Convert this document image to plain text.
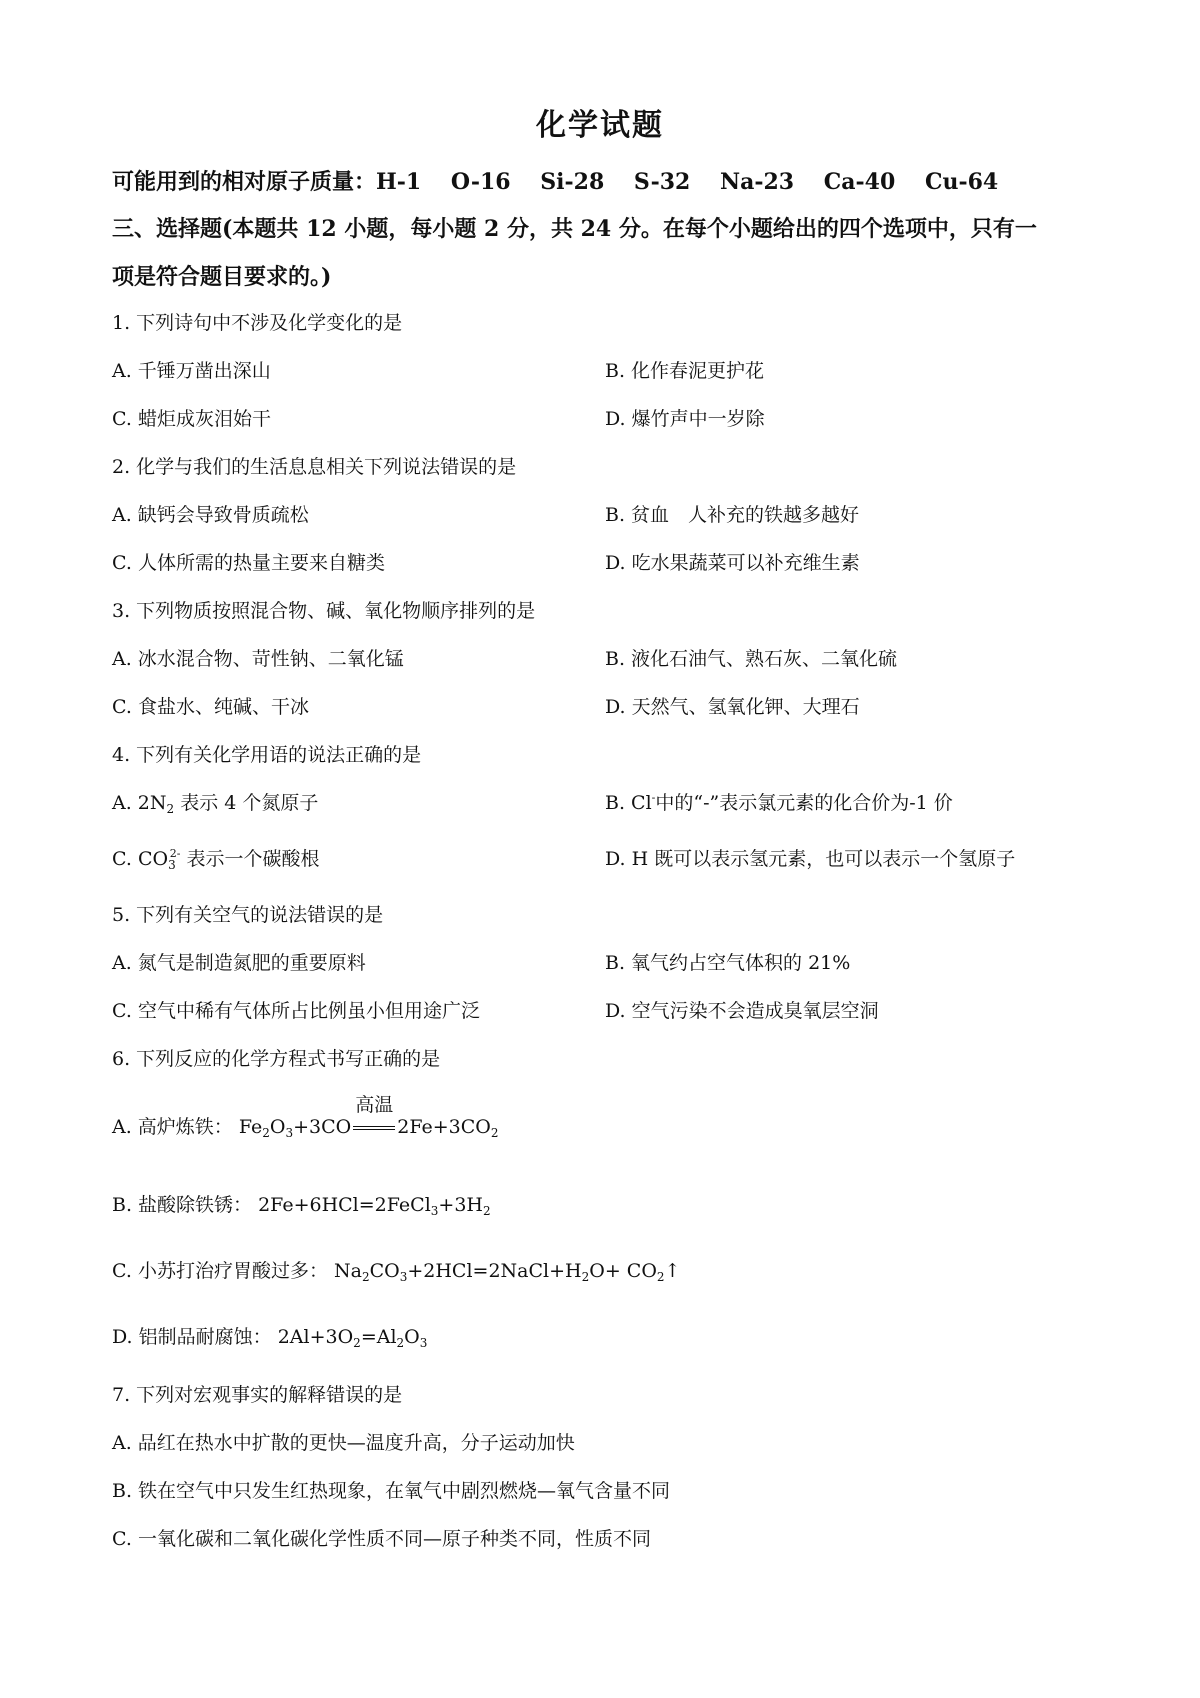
化学试题
可能用到的相对原子质量：H-1　 O-16　 Si-28　 S-32　 Na-23　 Ca-40　 Cu-64
三、选择题(本题共 12 小题，每小题 2 分，共 24 分。在每个小题给出的四个选项中，只有一
项是符合题目要求的。)
1. 下列诗句中不涉及化学变化的是
A. 千锤万凿出深山	B. 化作春泥更护花
C. 蜡炬成灰泪始干	D. 爆竹声中一岁除
2. 化学与我们的生活息息相关下列说法错误的是
A. 缺钙会导致骨质疏松	B. 贫血　人补充的铁越多越好
C. 人体所需的热量主要来自糖类	D. 吃水果蔬菜可以补充维生素
3. 下列物质按照混合物、碱、氧化物顺序排列的是
A. 冰水混合物、苛性钠、二氧化锰	B. 液化石油气、熟石灰、二氧化硫
C. 食盐水、纯碱、干冰	D. 天然气、氢氧化钾、大理石
4. 下列有关化学用语的说法正确的是
A. $2N_2$ 表示 4 个氮原子	B. Cl-中的“-”表示氯元素的化合价为-1 价
C. $CO_3^{2-}$ 表示一个碳酸根	D. H 既可以表示氢元素，也可以表示一个氢原子
5. 下列有关空气的说法错误的是
A. 氮气是制造氮肥的重要原料	B. 氧气约占空气体积的 21%
C. 空气中稀有气体所占比例虽小但用途广泛	D. 空气污染不会造成臭氧层空洞
6. 下列反应的化学方程式书写正确的是
A. 高炉炼铁： $Fe_2O_3+3CO$
高温
$2Fe+3CO_2$
B. 盐酸除铁锈： $2Fe+6HCl=2FeCl_3+3H_2$
C. 小苏打治疗胃酸过多： $Na_2CO_3+2HCl=2NaCl+H_2O+$ $CO_2↑$
D. 铝制品耐腐蚀： $2Al+3O_2=Al_2O_3$
7. 下列对宏观事实的解释错误的是
A. 品红在热水中扩散的更快—温度升高，分子运动加快
B. 铁在空气中只发生红热现象，在氧气中剧烈燃烧—氧气含量不同
C. 一氧化碳和二氧化碳化学性质不同—原子种类不同，性质不同
